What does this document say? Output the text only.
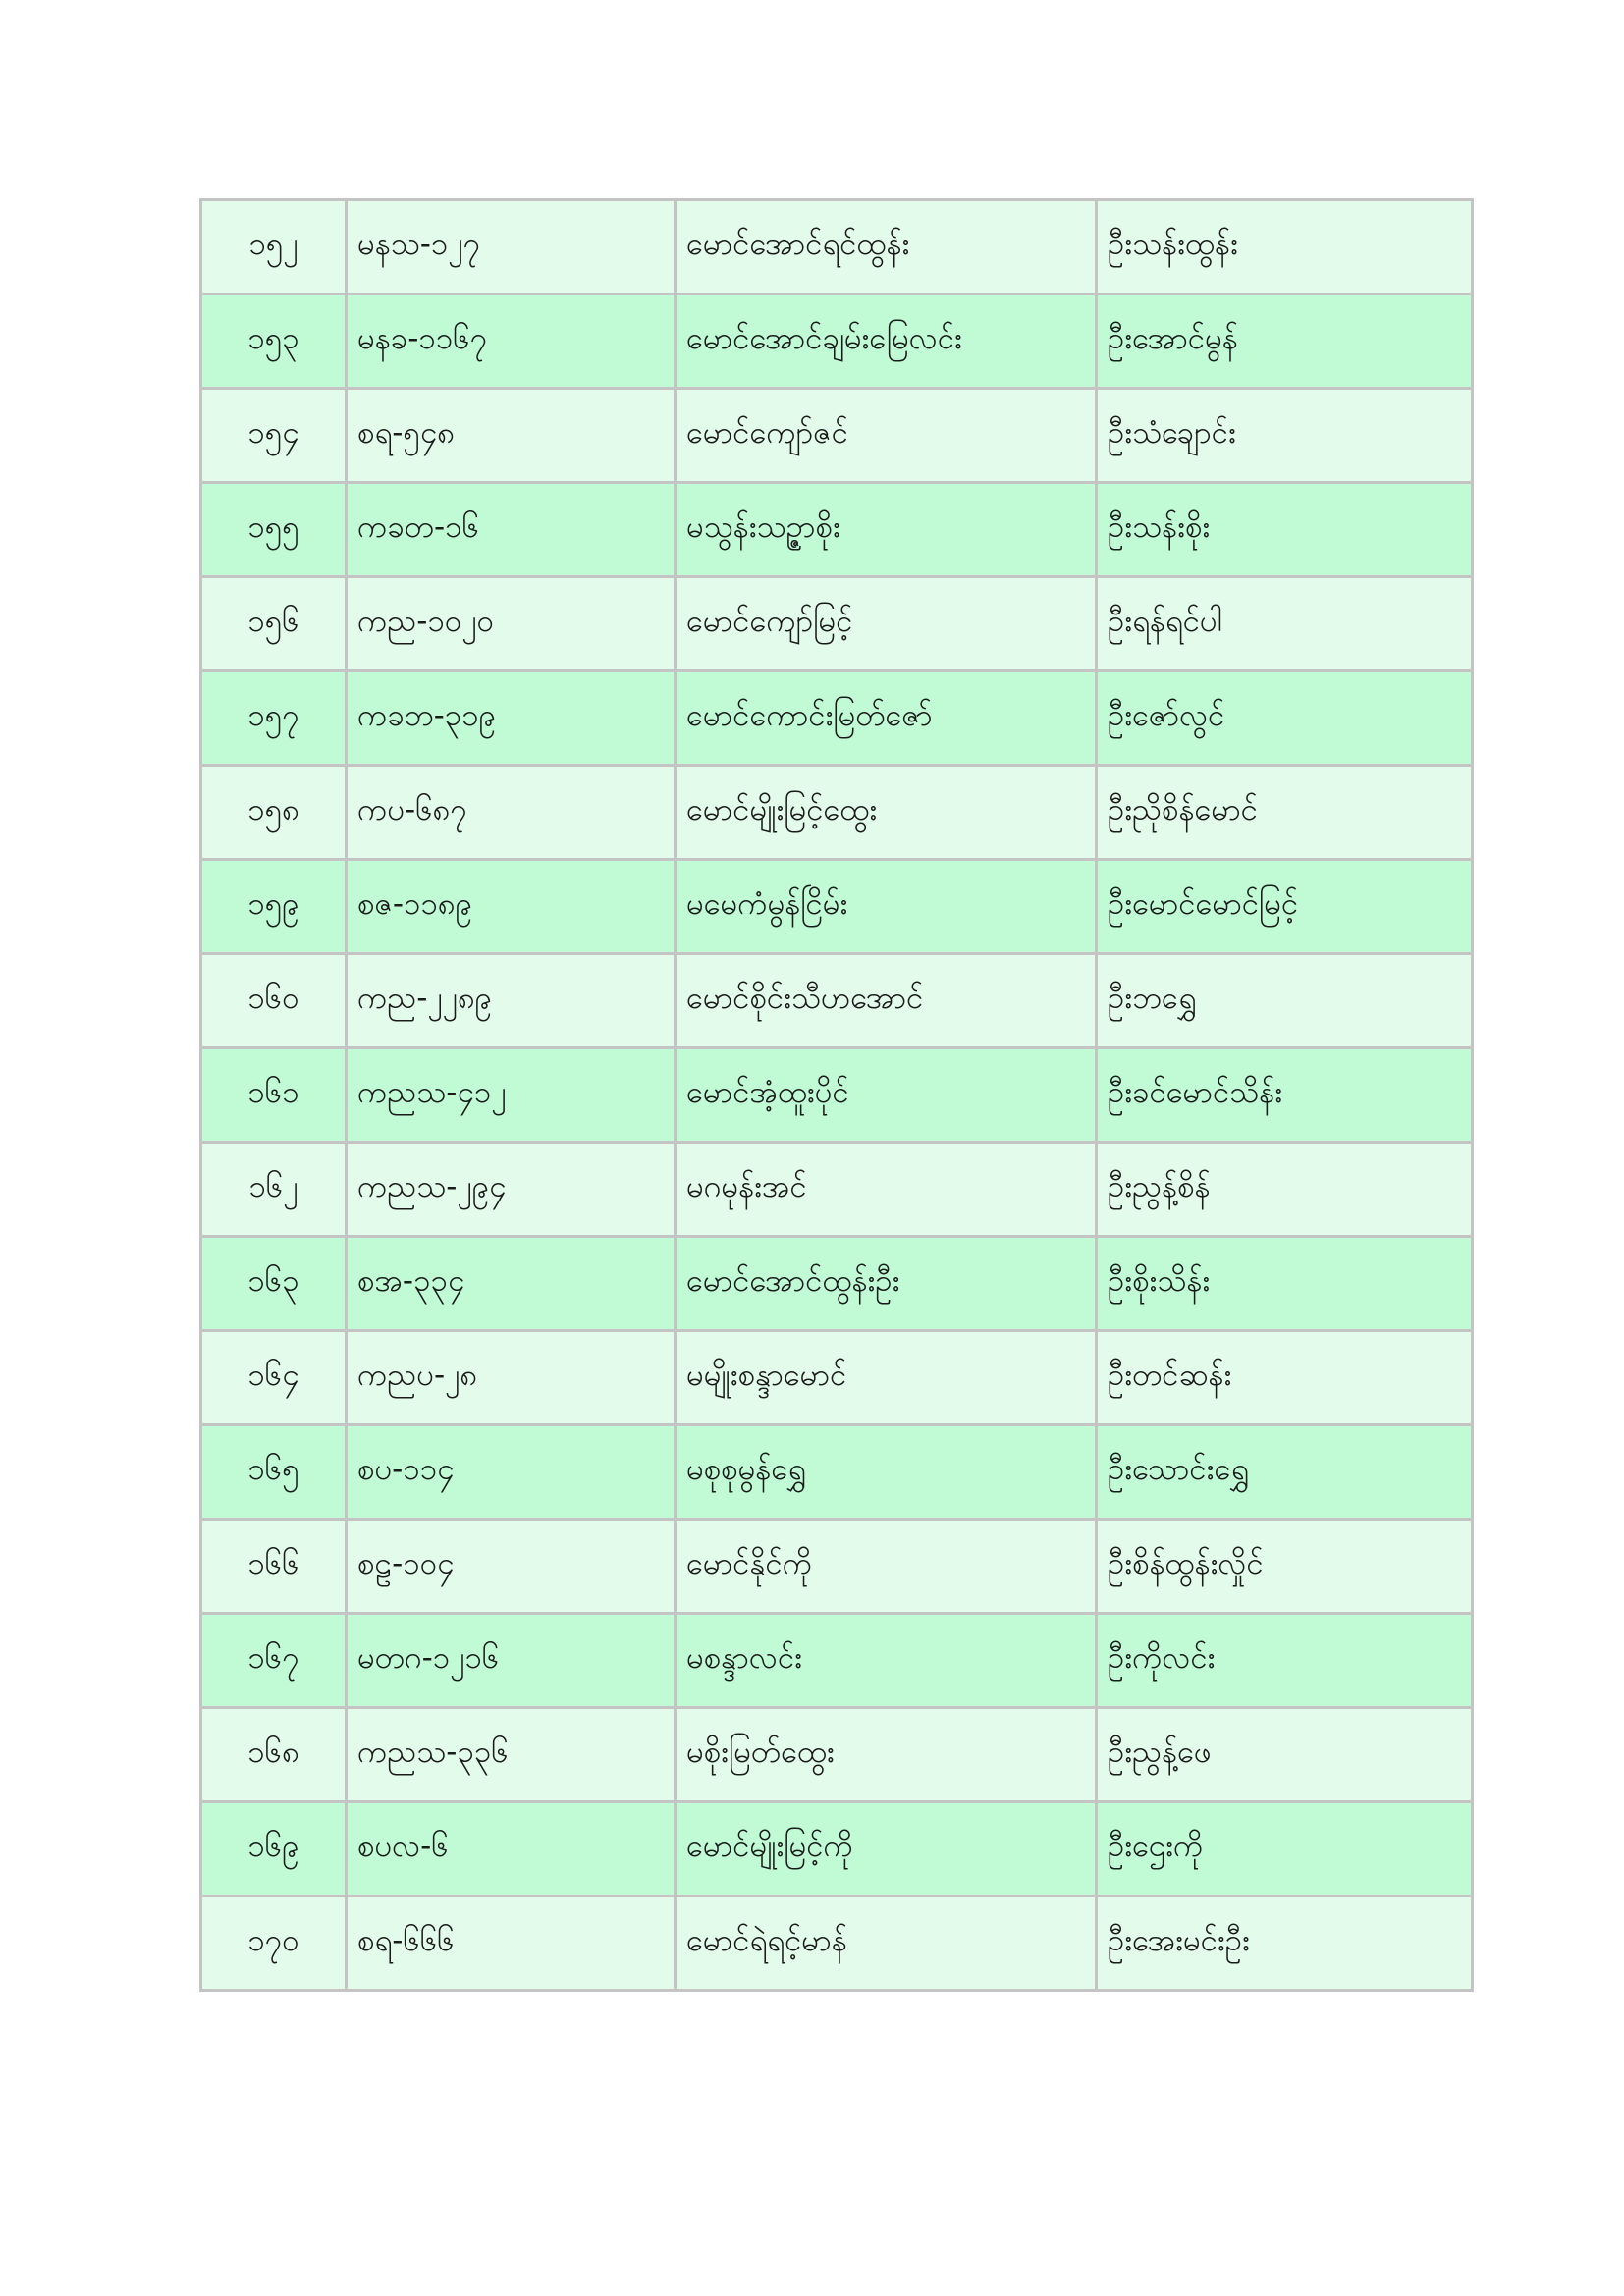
၁၅၂	မနသ-၁၂၇	မောင်အောင်ရင်ထွန်း	ဦးသန်းထွန်း
၁၅၃	မနခ-၁၁၆၇	မောင်အောင်ချမ်းမြေလင်း	ဦးအောင်မွန်
၁၅၄	စရ-၅၄၈	မောင်ကျော်ဇင်	ဦးသံချောင်း
၁၅၅	ကခတ-၁၆	မသွန်းသဥ္ဇာစိုး	ဦးသန်းစိုး
၁၅၆	ကည-၁၀၂၀	မောင်ကျော်မြင့်	ဦးရန်ရင်ပါ
၁၅၇	ကခဘ-၃၁၉	မောင်ကောင်းမြတ်ဇော်	ဦးဇော်လွင်
၁၅၈	ကပ-၆၈၇	မောင်မျိုးမြင့်ထွေး	ဦးညိုစိန်မောင်
၁၅၉	စဇ-၁၁၈၉	မမေကံမွန်ငြိမ်း	ဦးမောင်မောင်မြင့်
၁၆၀	ကည-၂၂၈၉	မောင်စိုင်းသီဟအောင်	ဦးဘရွှေ
၁၆၁	ကညသ-၄၁၂	မောင်အံ့ထူးပိုင်	ဦးခင်မောင်သိန်း
၁၆၂	ကညသ-၂၉၄	မဂမုန်းအင်	ဦးညွန့်စိန်
၁၆၃	စအ-၃၃၄	မောင်အောင်ထွန်းဦး	ဦးစိုးသိန်း
၁၆၄	ကညပ-၂၈	မမျိုးစန္ဒာမောင်	ဦးတင်ဆန်း
၁၆၅	စပ-၁၁၄	မစုစုမွန်ရွှေ	ဦးသောင်းရွှေ
၁၆၆	စဠ-၁၀၄	မောင်နိုင်ကို	ဦးစိန်ထွန်းလှိုင်
၁၆၇	မတဂ-၁၂၁၆	မစန္ဒာလင်း	ဦးကိုလင်း
၁၆၈	ကညသ-၃၃၆	မစိုးမြတ်ထွေး	ဦးညွန့်ဖေ
၁၆၉	စပလ-၆	မောင်မျိုးမြင့်ကို	ဦးဌေးကို
၁၇၀	စရ-၆၆၆	မောင်ရဲရင့်မာန်	ဦးအေးမင်းဦး
